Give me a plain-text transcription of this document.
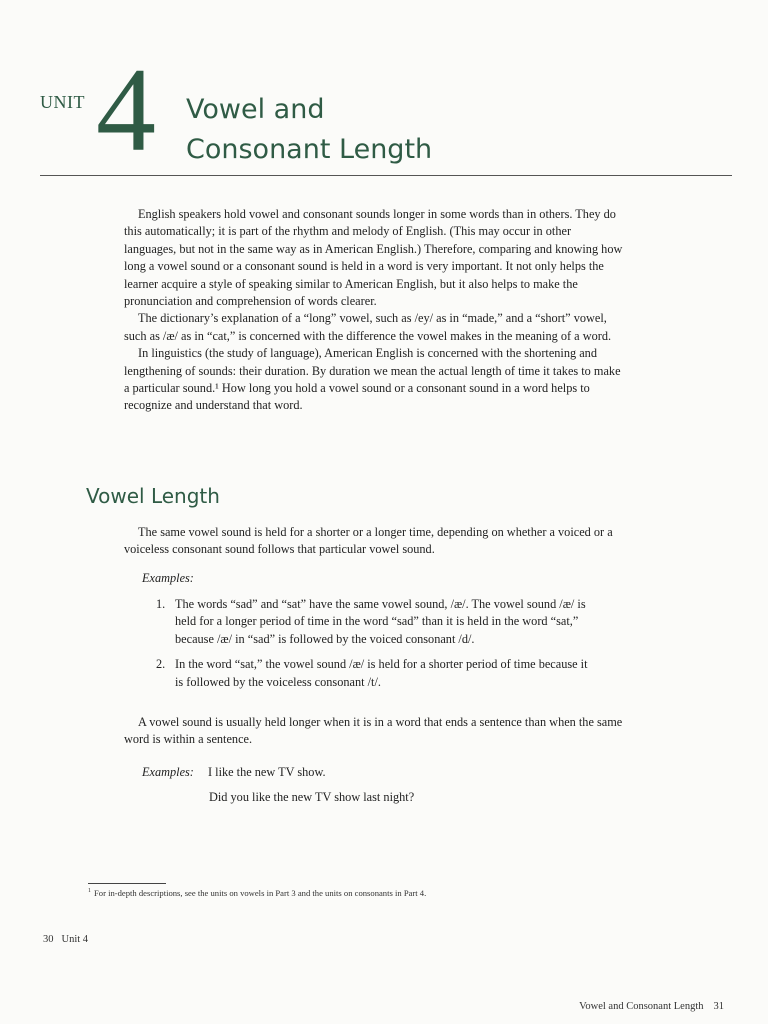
UNIT 4 Vowel and
Consonant Length

English speakers hold vowel and consonant sounds longer in some words than in others. They do this automatically; it is part of the rhythm and melody of English. (This may occur in other languages, but not in the same way as in American English.) Therefore, comparing and knowing how long a vowel sound or a consonant sound is held in a word is very important. It not only helps the learner acquire a style of speaking similar to American English, but it also helps to make the pronunciation and comprehension of words clearer.

The dictionary’s explanation of a “long” vowel, such as /ey/ as in “made,” and a “short” vowel, such as /æ/ as in “cat,” is concerned with the difference the vowel makes in the meaning of a word.

In linguistics (the study of language), American English is concerned with the shortening and lengthening of sounds: their duration. By duration we mean the actual length of time it takes to make a particular sound.¹ How long you hold a vowel sound or a consonant sound in a word helps to recognize and understand that word.

Vowel Length

The same vowel sound is held for a shorter or a longer time, depending on whether a voiced or a voiceless consonant sound follows that particular vowel sound.

Examples:
1. The words “sad” and “sat” have the same vowel sound, /æ/. The vowel sound /æ/ is held for a longer period of time in the word “sad” than it is held in the word “sat,” because /æ/ in “sad” is followed by the voiced consonant /d/.
2. In the word “sat,” the vowel sound /æ/ is held for a shorter period of time because it is followed by the voiceless consonant /t/.

A vowel sound is usually held longer when it is in a word that ends a sentence than when the same word is within a sentence.

Examples: I like the new TV show.
Did you like the new TV show last night?
$^1$ For in-depth descriptions, see the units on vowels in Part 3 and the units on consonants in Part 4.
30 Unit 4
Vowel and Consonant Length 31
